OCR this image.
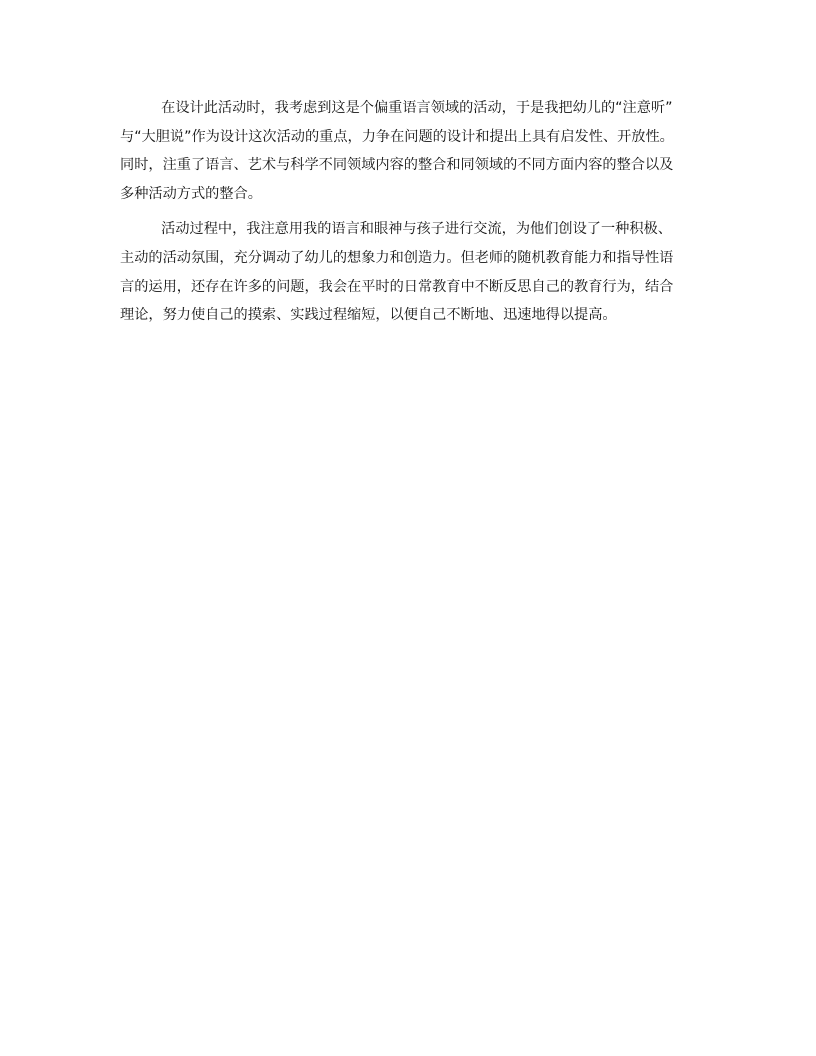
在设计此活动时，我考虑到这是个偏重语言领域的活动，于是我把幼儿的“注意听”
与“大胆说”作为设计这次活动的重点，力争在问题的设计和提出上具有启发性、开放性。
同时，注重了语言、艺术与科学不同领域内容的整合和同领域的不同方面内容的整合以及
多种活动方式的整合。

活动过程中，我注意用我的语言和眼神与孩子进行交流，为他们创设了一种积极、
主动的活动氛围，充分调动了幼儿的想象力和创造力。但老师的随机教育能力和指导性语
言的运用，还存在许多的问题，我会在平时的日常教育中不断反思自己的教育行为，结合
理论，努力使自己的摸索、实践过程缩短，以便自己不断地、迅速地得以提高。
